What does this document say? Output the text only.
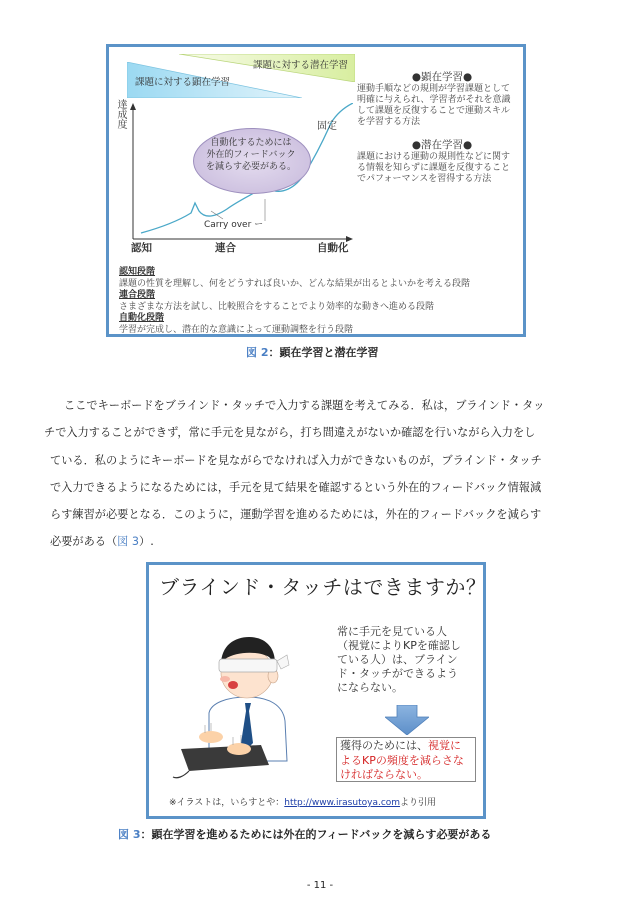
課題に対する潜在学習
課題に対する顕在学習
達成度
自動化するためには
外在的フィードバック
を減らす必要がある。
固定
Carry over ー
認知	連合	自動化
●顕在学習●
運動手順などの規則が学習課題として
明確に与えられ、学習者がそれを意識
して課題を反復することで運動スキル
を学習する方法
●潜在学習●
課題における運動の規則性などに関す
る情報を知らずに課題を反復すること
でパフォーマンスを習得する方法
認知段階
課題の性質を理解し、何をどうすれば良いか、どんな結果が出るとよいかを考える段階
連合段階
さまざまな方法を試し、比較照合をすることでより効率的な動きへ進める段階
自動化段階
学習が完成し、潜在的な意識によって運動調整を行う段階
図 2：顕在学習と潜在学習
ここでキーボードをブラインド・タッチで入力する課題を考えてみる．私は，ブラインド・タッ
チで入力することができず，常に手元を見ながら，打ち間違えがないか確認を行いながら入力をし
ている．私のようにキーボードを見ながらでなければ入力ができないものが，ブラインド・タッチ
で入力できるようになるためには，手元を見て結果を確認するという外在的フィードバック情報減
らす練習が必要となる．このように，運動学習を進めるためには，外在的フィードバックを減らす
必要がある（図 3）.
ブラインド・タッチはできますか？
常に手元を見ている人
（視覚によりKPを確認し
ている人）は、ブライン
ド・タッチができるよう
にならない。
獲得のためには、視覚に
よるKPの頻度を減らさな
ければならない。
※イラストは，いらすとや：http://www.irasutoya.comより引用
図 3：顕在学習を進めるためには外在的フィードバックを減らす必要がある
- 11 -
